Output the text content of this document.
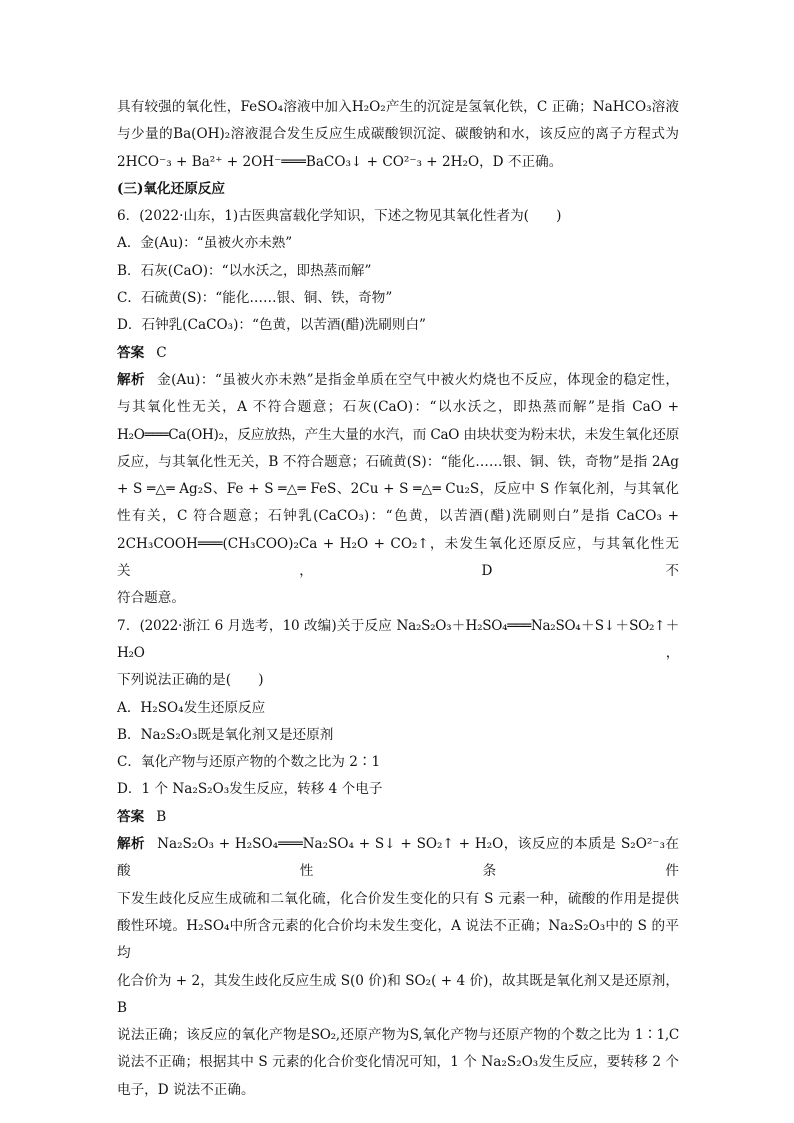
具有较强的氧化性，FeSO₄溶液中加入H₂O₂产生的沉淀是氢氧化铁，C 正确；NaHCO₃溶液

与少量的Ba(OH)₂溶液混合发生反应生成碳酸钡沉淀、碳酸钠和水，该反应的离子方程式为

2HCO⁻₃ + Ba²⁺ + 2OH⁻═══BaCO₃↓ + CO²⁻₃ + 2H₂O，D 不正确。

(三)氧化还原反应

6．(2022·山东，1)古医典富载化学知识，下述之物见其氧化性者为(　　)

A．金(Au)：“虽被火亦未熟”

B．石灰(CaO)：“以水沃之，即热蒸而解”

C．石硫黄(S)：“能化……银、铜、铁，奇物”

D．石钟乳(CaCO₃)：“色黄，以苦酒(醋)洗刷则白”

答案 C

解析 金(Au)：“虽被火亦未熟”是指金单质在空气中被火灼烧也不反应，体现金的稳定性，

与其氧化性无关，A 不符合题意；石灰(CaO)：“以水沃之，即热蒸而解”是指 CaO +

H₂O═══Ca(OH)₂，反应放热，产生大量的水汽，而 CaO 由块状变为粉末状，未发生氧化还原

反应，与其氧化性无关，B 不符合题意；石硫黄(S)：“能化……银、铜、铁，奇物”是指 2Ag

+ S ═△═ Ag₂S、Fe + S ═△═ FeS、2Cu + S ═△═ Cu₂S，反应中 S 作氧化剂，与其氧化

性有关，C 符合题意；石钟乳(CaCO₃)：“色黄，以苦酒(醋)洗刷则白”是指 CaCO₃ +

2CH₃COOH═══(CH₃COO)₂Ca + H₂O + CO₂↑，未发生氧化还原反应，与其氧化性无关，D 不

符合题意。

7．(2022·浙江 6 月选考，10 改编)关于反应 Na₂S₂O₃＋H₂SO₄═══Na₂SO₄＋S↓＋SO₂↑＋H₂O，

下列说法正确的是(　　)

A．H₂SO₄发生还原反应

B．Na₂S₂O₃既是氧化剂又是还原剂

C．氧化产物与还原产物的个数之比为 2∶1

D．1 个 Na₂S₂O₃发生反应，转移 4 个电子

答案 B

解析 Na₂S₂O₃ + H₂SO₄═══Na₂SO₄ + S↓ + SO₂↑ + H₂O，该反应的本质是 S₂O²⁻₃在酸性条件

下发生歧化反应生成硫和二氧化硫，化合价发生变化的只有 S 元素一种，硫酸的作用是提供

酸性环境。H₂SO₄中所含元素的化合价均未发生变化，A 说法不正确；Na₂S₂O₃中的 S 的平均

化合价为 + 2，其发生歧化反应生成 S(0 价)和 SO₂( + 4 价)，故其既是氧化剂又是还原剂，B

说法正确；该反应的氧化产物是SO₂,还原产物为S,氧化产物与还原产物的个数之比为 1∶1,C

说法不正确；根据其中 S 元素的化合价变化情况可知，1 个 Na₂S₂O₃发生反应，要转移 2 个

电子，D 说法不正确。
